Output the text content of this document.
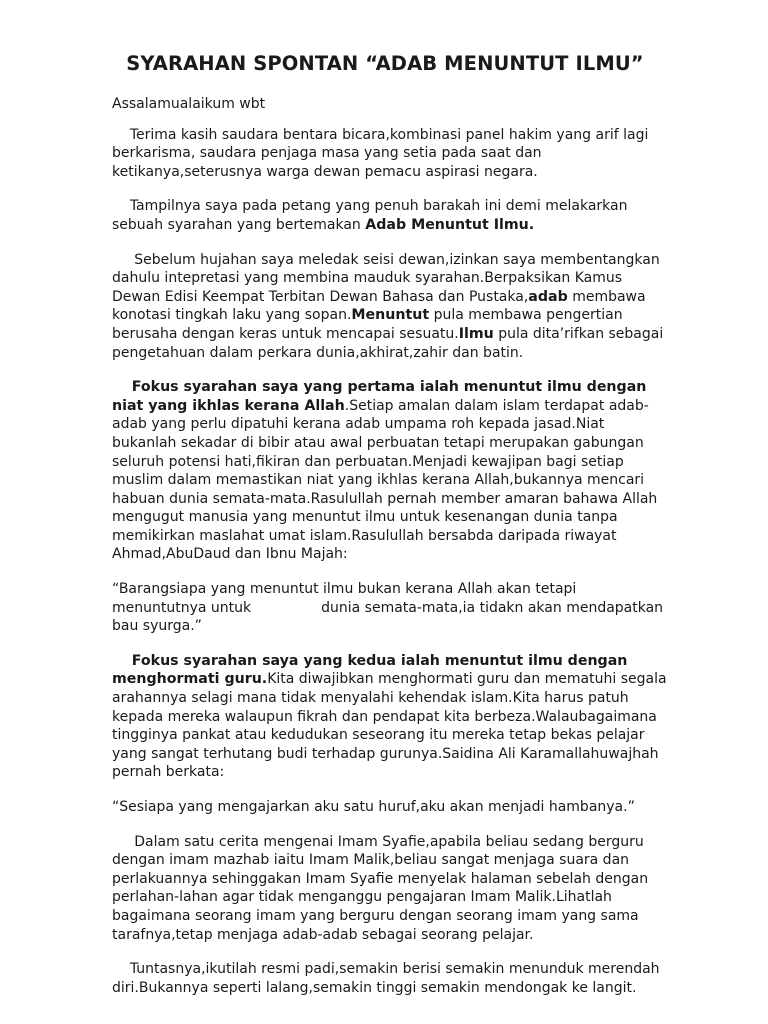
SYARAHAN SPONTAN “ADAB MENUNTUT ILMU”

Assalamualaikum wbt

Terima kasih saudara bentara bicara,kombinasi panel hakim yang arif lagi berkarisma, saudara penjaga masa yang setia pada saat dan ketikanya,seterusnya warga dewan pemacu aspirasi negara.

Tampilnya saya pada petang yang penuh barakah ini demi melakarkan sebuah syarahan yang bertemakan Adab Menuntut Ilmu.

Sebelum hujahan saya meledak seisi dewan,izinkan saya membentangkan dahulu intepretasi yang membina mauduk syarahan.Berpaksikan Kamus Dewan Edisi Keempat Terbitan Dewan Bahasa dan Pustaka,adab membawa konotasi tingkah laku yang sopan.Menuntut pula membawa pengertian berusaha dengan keras untuk mencapai sesuatu.Ilmu pula dita’rifkan sebagai pengetahuan dalam perkara dunia,akhirat,zahir dan batin.

Fokus syarahan saya yang pertama ialah menuntut ilmu dengan niat yang ikhlas kerana Allah.Setiap amalan dalam islam terdapat adab-adab yang perlu dipatuhi kerana adab umpama roh kepada jasad.Niat bukanlah sekadar di bibir atau awal perbuatan tetapi merupakan gabungan seluruh potensi hati,fikiran dan perbuatan.Menjadi kewajipan bagi setiap muslim dalam memastikan niat yang ikhlas kerana Allah,bukannya mencari habuan dunia semata-mata.Rasulullah pernah member amaran bahawa Allah mengugut manusia yang menuntut ilmu untuk kesenangan dunia tanpa memikirkan maslahat umat islam.Rasulullah bersabda daripada riwayat Ahmad,AbuDaud dan Ibnu Majah:

“Barangsiapa yang menuntut ilmu bukan kerana Allah akan tetapi menuntutnya untuk	dunia semata-mata,ia tidakn akan mendapatkan bau syurga.”

Fokus syarahan saya yang kedua ialah menuntut ilmu dengan menghormati guru.Kita diwajibkan menghormati guru dan mematuhi segala arahannya selagi mana tidak menyalahi kehendak islam.Kita harus patuh kepada mereka walaupun fikrah dan pendapat kita berbeza.Walaubagaimana tingginya pankat atau kedudukan seseorang itu mereka tetap bekas pelajar yang sangat terhutang budi terhadap gurunya.Saidina Ali Karamallahuwajhah pernah berkata:

“Sesiapa yang mengajarkan aku satu huruf,aku akan menjadi hambanya.”

Dalam satu cerita mengenai Imam Syafie,apabila beliau sedang berguru dengan imam mazhab iaitu Imam Malik,beliau sangat menjaga suara dan perlakuannya sehinggakan Imam Syafie menyelak halaman sebelah dengan perlahan-lahan agar tidak menganggu pengajaran Imam Malik.Lihatlah bagaimana seorang imam yang berguru dengan seorang imam yang sama tarafnya,tetap menjaga adab-adab sebagai seorang pelajar.

Tuntasnya,ikutilah resmi padi,semakin berisi semakin menunduk merendah diri.Bukannya seperti lalang,semakin tinggi semakin mendongak ke langit.
